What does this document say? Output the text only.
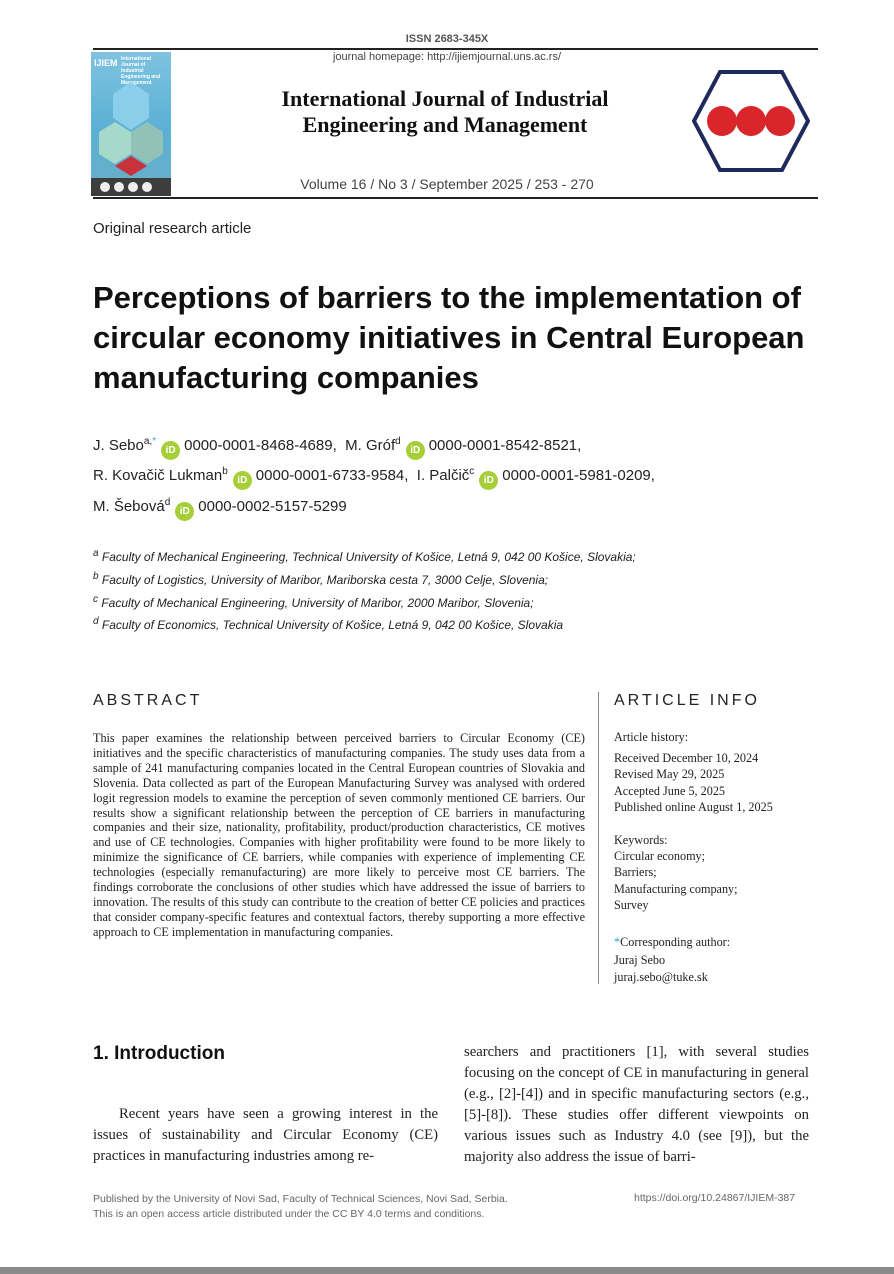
ISSN 2683-345X
journal homepage: http://ijiemjournal.uns.ac.rs/
IJIEM International Journal of Industrial Engineering and Management
International Journal of Industrial
Engineering and Management
Volume 16 / No 3 / September 2025 / 253 - 270
Original research article
Perceptions of barriers to the implementation of circular economy initiatives in Central European manufacturing companies
J. Sebo$^{a,*}$iD 0000-0001-8468-4689, M. Gróf$^d$iD 0000-0001-8542-8521,
R. Kovačič Lukman$^b$iD 0000-0001-6733-9584, I. Palčič$^c$iD 0000-0001-5981-0209,
M. Šebová$^d$iD 0000-0002-5157-5299
$^a$ Faculty of Mechanical Engineering, Technical University of Košice, Letná 9, 042 00 Košice, Slovakia;
$^b$ Faculty of Logistics, University of Maribor, Mariborska cesta 7, 3000 Celje, Slovenia;
$^c$ Faculty of Mechanical Engineering, University of Maribor, 2000 Maribor, Slovenia;
$^d$ Faculty of Economics, Technical University of Košice, Letná 9, 042 00 Košice, Slovakia
ABSTRACT
This paper examines the relationship between perceived barriers to Circular Economy (CE) initiatives and the specific characteristics of manufacturing companies. The study uses data from a sample of 241 manufacturing companies located in the Central European countries of Slovakia and Slovenia. Data collected as part of the European Manufacturing Survey was analysed with ordered logit regression models to examine the perception of seven commonly mentioned CE barriers. Our results show a significant relationship between the perception of CE barriers in manufacturing companies and their size, nationality, profitability, product/production characteristics, CE motives and use of CE technologies. Companies with higher profitability were found to be more likely to minimize the significance of CE barriers, while companies with experience of implementing CE technologies (especially remanufacturing) are more likely to perceive most CE barriers. The findings corroborate the conclusions of other studies which have addressed the issue of barriers to innovation. The results of this study can contribute to the creation of better CE policies and practices that consider company-specific features and contextual factors, thereby supporting a more effective approach to CE implementation in manufacturing companies.
ARTICLE INFO
Article history:
Received December 10, 2024
Revised May 29, 2025
Accepted June 5, 2025
Published online August 1, 2025
Keywords:
Circular economy;
Barriers;
Manufacturing company;
Survey
*Corresponding author:
Juraj Sebo
juraj.sebo@tuke.sk
1. Introduction
Recent years have seen a growing interest in the issues of sustainability and Circular Economy (CE) practices in manufacturing industries among re-
searchers and practitioners [1], with several studies focusing on the concept of CE in manufacturing in general (e.g., [2]-[4]) and in specific manufacturing sectors (e.g., [5]-[8]). These studies offer different viewpoints on various issues such as Industry 4.0 (see [9]), but the majority also address the issue of barri-
Published by the University of Novi Sad, Faculty of Technical Sciences, Novi Sad, Serbia.
This is an open access article distributed under the CC BY 4.0 terms and conditions.
https://doi.org/10.24867/IJIEM-387
